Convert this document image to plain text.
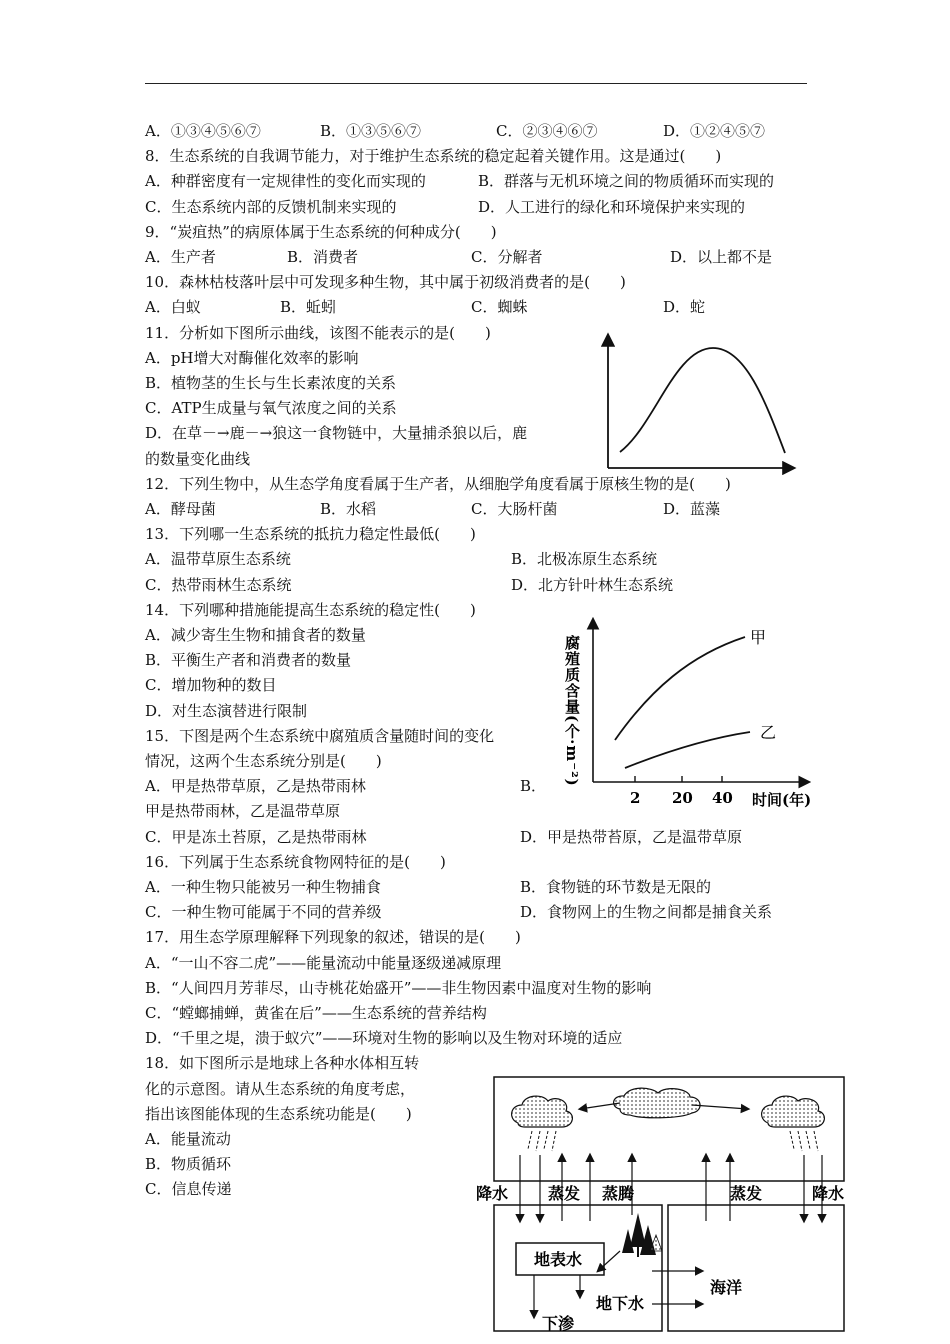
A．①③④⑤⑥⑦	B．①③⑤⑥⑦	C．②③④⑥⑦	D．①②④⑤⑦
8．生态系统的自我调节能力，对于维护生态系统的稳定起着关键作用。这是通过(　　)
A．种群密度有一定规律性的变化而实现的	B．群落与无机环境之间的物质循环而实现的
C．生态系统内部的反馈机制来实现的	D．人工进行的绿化和环境保护来实现的
9．“炭疽热”的病原体属于生态系统的何种成分(　　)
A．生产者	B．消费者	C．分解者	D．以上都不是
10．森林枯枝落叶层中可发现多种生物，其中属于初级消费者的是(　　)
A．白蚁	B．蚯蚓	C．蜘蛛	D．蛇
11．分析如下图所示曲线，该图不能表示的是(　　)
A．pH增大对酶催化效率的影响
B．植物茎的生长与生长素浓度的关系
C．ATP生成量与氧气浓度之间的关系
D．在草－→鹿－→狼这一食物链中，大量捕杀狼以后，鹿
的数量变化曲线
12．下列生物中，从生态学角度看属于生产者，从细胞学角度看属于原核生物的是(　　)
A．酵母菌	B．水稻	C．大肠杆菌	D．蓝藻
13．下列哪一生态系统的抵抗力稳定性最低(　　)
A．温带草原生态系统	B．北极冻原生态系统
C．热带雨林生态系统	D．北方针叶林生态系统
14．下列哪种措施能提高生态系统的稳定性(　　)
A．减少寄生生物和捕食者的数量
B．平衡生产者和消费者的数量
C．增加物种的数目
D．对生态演替进行限制
15．下图是两个生态系统中腐殖质含量随时间的变化
情况，这两个生态系统分别是(　　)
A．甲是热带草原，乙是热带雨林	B．
甲是热带雨林，乙是温带草原
C．甲是冻土苔原，乙是热带雨林	D．甲是热带苔原，乙是温带草原
16．下列属于生态系统食物网特征的是(　　)
A．一种生物只能被另一种生物捕食	B．食物链的环节数是无限的
C．一种生物可能属于不同的营养级	D．食物网上的生物之间都是捕食关系
17．用生态学原理解释下列现象的叙述，错误的是(　　)
A．“一山不容二虎”——能量流动中能量逐级递减原理
B．“人间四月芳菲尽，山寺桃花始盛开”——非生物因素中温度对生物的影响
C．“螳螂捕蝉，黄雀在后”——生态系统的营养结构
D．“千里之堤，溃于蚁穴”——环境对生物的影响以及生物对环境的适应
18．如下图所示是地球上各种水体相互转
化的示意图。请从生态系统的角度考虑，
指出该图能体现的生态系统功能是(　　)
A．能量流动
B．物质循环
C．信息传递
甲
乙
2 20 40 时间(年)
腐殖质含量(个·m⁻²)
降水 蒸发 蒸腾	蒸发	降水
地表水
海洋
下渗
地下水
